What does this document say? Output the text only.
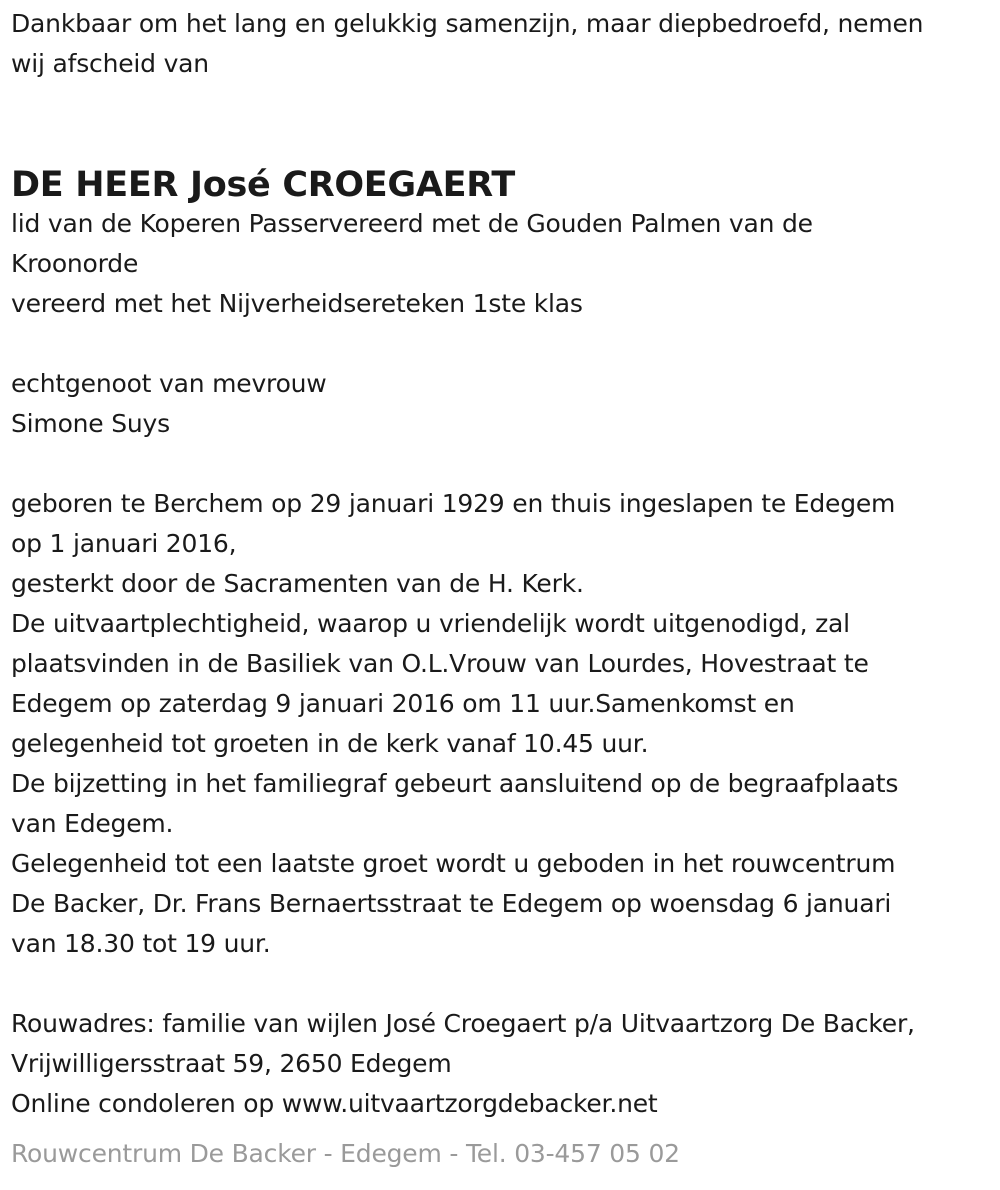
Dankbaar om het lang en gelukkig samenzijn, maar diepbedroefd, nemen
wij afscheid van
DE HEER José CROEGAERT
lid van de Koperen Passervereerd met de Gouden Palmen van de
Kroonorde
vereerd met het Nijverheidsereteken 1ste klas
echtgenoot van mevrouw
Simone Suys
geboren te Berchem op 29 januari 1929 en thuis ingeslapen te Edegem
op 1 januari 2016,
gesterkt door de Sacramenten van de H. Kerk.
De uitvaartplechtigheid, waarop u vriendelijk wordt uitgenodigd, zal
plaatsvinden in de Basiliek van O.L.Vrouw van Lourdes, Hovestraat te
Edegem op zaterdag 9 januari 2016 om 11 uur.Samenkomst en
gelegenheid tot groeten in de kerk vanaf 10.45 uur.
De bijzetting in het familiegraf gebeurt aansluitend op de begraafplaats
van Edegem.
Gelegenheid tot een laatste groet wordt u geboden in het rouwcentrum
De Backer, Dr. Frans Bernaertsstraat te Edegem op woensdag 6 januari
van 18.30 tot 19 uur.
Rouwadres: familie van wijlen José Croegaert p/a Uitvaartzorg De Backer,
Vrijwilligersstraat 59, 2650 Edegem
Online condoleren op www.uitvaartzorgdebacker.net
Rouwcentrum De Backer - Edegem - Tel. 03-457 05 02
